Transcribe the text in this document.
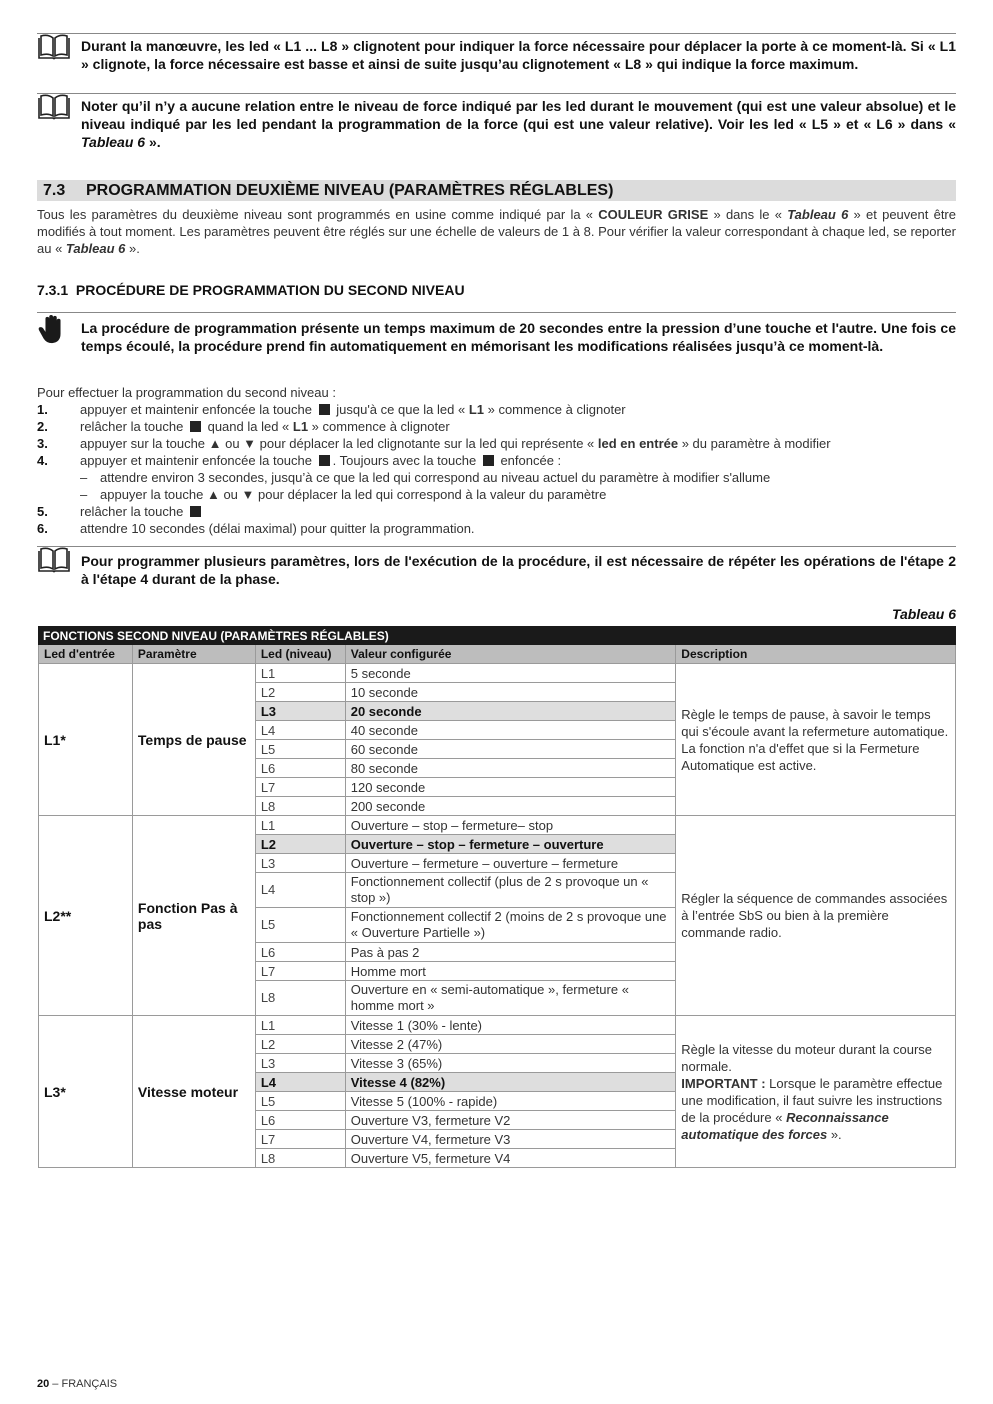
Durant la manœuvre, les led « L1 ... L8 » clignotent pour indiquer la force nécessaire pour déplacer la porte à ce moment-là. Si « L1 » clignote, la force nécessaire est basse et ainsi de suite jusqu’au clignotement « L8 » qui indique la force maximum.
Noter qu’il n’y a aucune relation entre le niveau de force indiqué par les led durant le mouvement (qui est une valeur absolue) et le niveau indiqué par les led pendant la programmation de la force (qui est une valeur relative). Voir les led « L5 » et « L6 » dans « Tableau 6 ».
7.3 PROGRAMMATION DEUXIÈME NIVEAU (PARAMÈTRES RÉGLABLES)
Tous les paramètres du deuxième niveau sont programmés en usine comme indiqué par la « COULEUR GRISE » dans le « Tableau 6 » et peuvent être modifiés à tout moment. Les paramètres peuvent être réglés sur une échelle de valeurs de 1 à 8. Pour vérifier la valeur correspondant à chaque led, se reporter au « Tableau 6 ».
7.3.1  PROCÉDURE DE PROGRAMMATION DU SECOND NIVEAU
La procédure de programmation présente un temps maximum de 20 secondes entre la pression d’une touche et l'autre. Une fois ce temps écoulé, la procédure prend fin automatiquement en mémorisant les modifications réalisées jusqu’à ce moment-là.
Pour effectuer la programmation du second niveau :
1. appuyer et maintenir enfoncée la touche jusqu'à ce que la led « L1 » commence à clignoter
2. relâcher la touche quand la led « L1 » commence à clignoter
3. appuyer sur la touche ▲ ou ▼ pour déplacer la led clignotante sur la led qui représente « led en entrée » du paramètre à modifier
4. appuyer et maintenir enfoncée la touche . Toujours avec la touche enfoncée :
– attendre environ 3 secondes, jusqu’à ce que la led qui correspond au niveau actuel du paramètre à modifier s'allume
– appuyer la touche ▲ ou ▼ pour déplacer la led qui correspond à la valeur du paramètre
5. relâcher la touche
6. attendre 10 secondes (délai maximal) pour quitter la programmation.
Pour programmer plusieurs paramètres, lors de l'exécution de la procédure, il est nécessaire de répéter les opérations de l'étape 2 à l'étape 4 durant de la phase.
Tableau 6
FONCTIONS SECOND NIVEAU (PARAMÈTRES RÉGLABLES)				
Led d'entrée	Paramètre	Led (niveau)	Valeur configurée	Description
L1*	Temps de pause	L1	5 seconde	Règle le temps de pause, à savoir le temps qui s'écoule avant la refermeture automatique. La fonction n'a d'effet que si la Fermeture Automatique est active.
		L2	10 seconde	
		L3	20 seconde	
		L4	40 seconde	
		L5	60 seconde	
		L6	80 seconde	
		L7	120 seconde	
		L8	200 seconde	
L2**	Fonction Pas à pas	L1	Ouverture – stop – fermeture– stop	Régler la séquence de commandes associées à l’entrée SbS ou bien à la première commande radio.
		L2	Ouverture – stop – fermeture – ouverture	
		L3	Ouverture – fermeture – ouverture – fermeture	
		L4	Fonctionnement collectif (plus de 2 s provoque un « stop »)	
		L5	Fonctionnement collectif 2 (moins de 2 s provoque une « Ouverture Partielle »)	
		L6	Pas à pas 2	
		L7	Homme mort	
		L8	Ouverture en « semi-automatique », fermeture « homme mort »	
L3*	Vitesse moteur	L1	Vitesse 1 (30% - lente)	Règle la vitesse du moteur durant la course normale.
IMPORTANT : Lorsque le paramètre effectue une modification, il faut suivre les instructions de la procédure « Reconnaissance automatique des forces ».
		L2	Vitesse 2 (47%)	
		L3	Vitesse 3 (65%)	
		L4	Vitesse 4 (82%)	
		L5	Vitesse 5 (100% - rapide)	
		L6	Ouverture V3, fermeture V2	
		L7	Ouverture V4, fermeture V3	
		L8	Ouverture V5, fermeture V4	
20 – FRANÇAIS
